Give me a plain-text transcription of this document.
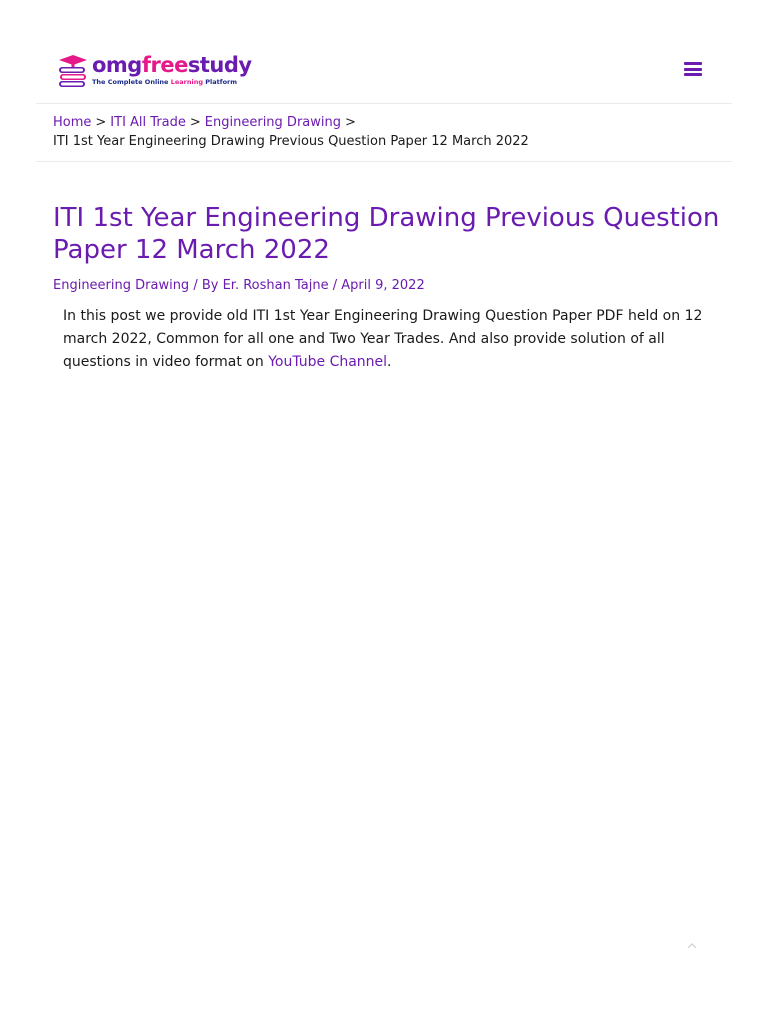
omgfreestudy
The Complete Online Learning Platform
Home > ITI All Trade > Engineering Drawing >
ITI 1st Year Engineering Drawing Previous Question Paper 12 March 2022
ITI 1st Year Engineering Drawing Previous Question Paper 12 March 2022
Engineering Drawing / By Er. Roshan Tajne / April 9, 2022

In this post we provide old ITI 1st Year Engineering Drawing Question Paper PDF held on 12 march 2022, Common for all one and Two Year Trades. And also provide solution of all questions in video format on YouTube Channel.
